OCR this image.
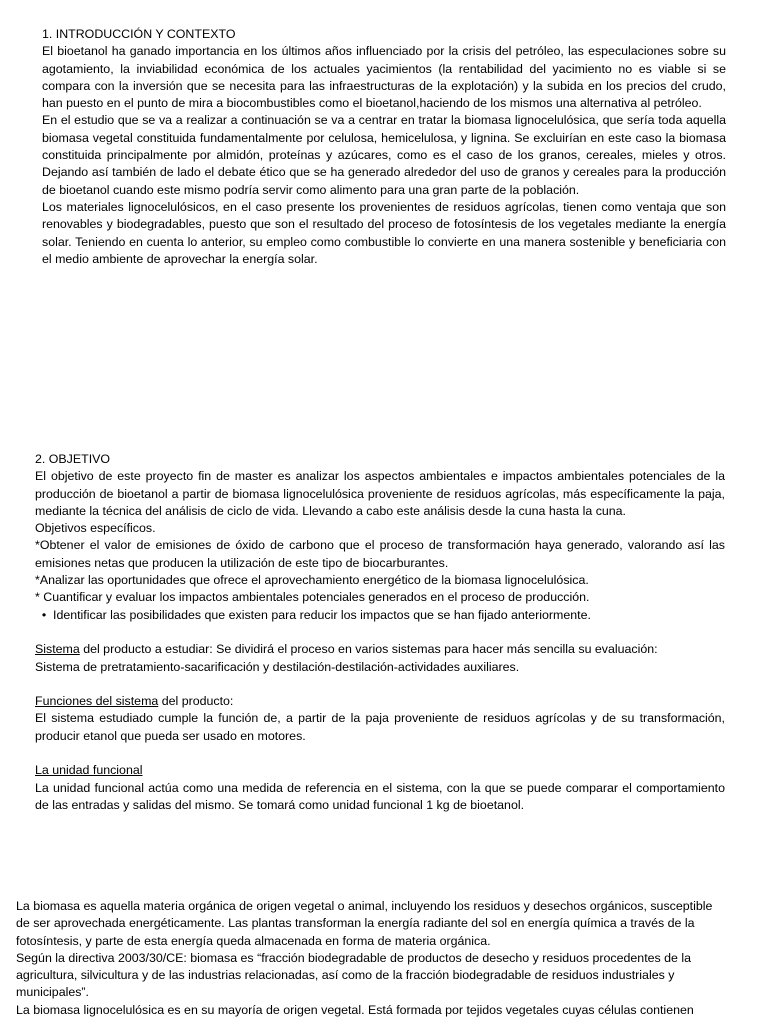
1. INTRODUCCIÓN Y CONTEXTO

El bioetanol ha ganado importancia en los últimos años influenciado por la crisis del petróleo, las especulaciones sobre su agotamiento, la inviabilidad económica de los actuales yacimientos (la rentabilidad del yacimiento no es viable si se compara con la inversión que se necesita para las infraestructuras de la explotación) y la subida en los precios del crudo, han puesto en el punto de mira a biocombustibles como el bioetanol,haciendo de los mismos una alternativa al petróleo.

En el estudio que se va a realizar a continuación se va a centrar en tratar la biomasa lignocelulósica, que sería toda aquella biomasa vegetal constituida fundamentalmente por celulosa, hemicelulosa, y lignina. Se excluirían en este caso la biomasa constituida principalmente por almidón, proteínas y azúcares, como es el caso de los granos, cereales, mieles y otros. Dejando así también de lado el debate ético que se ha generado alrededor del uso de granos y cereales para la producción de bioetanol cuando este mismo podría servir como alimento para una gran parte de la población.

Los materiales lignocelulósicos, en el caso presente los provenientes de residuos agrícolas, tienen como ventaja que son renovables y biodegradables, puesto que son el resultado del proceso de fotosíntesis de los vegetales mediante la energía solar. Teniendo en cuenta lo anterior, su empleo como combustible lo convierte en una manera sostenible y beneficiaria con el medio ambiente de aprovechar la energía solar.

2. OBJETIVO

El objetivo de este proyecto fin de master es analizar los aspectos ambientales e impactos ambientales potenciales de la producción de bioetanol a partir de biomasa lignocelulósica proveniente de residuos agrícolas, más específicamente la paja, mediante la técnica del análisis de ciclo de vida. Llevando a cabo este análisis desde la cuna hasta la cuna.

Objetivos específicos.

*Obtener el valor de emisiones de óxido de carbono que el proceso de transformación haya generado, valorando así las emisiones netas que producen la utilización de este tipo de biocarburantes.

*Analizar las oportunidades que ofrece el aprovechamiento energético de la biomasa lignocelulósica.

* Cuantificar y evaluar los impactos ambientales potenciales generados en el proceso de producción.

• Identificar las posibilidades que existen para reducir los impactos que se han fijado anteriormente.

Sistema del producto a estudiar: Se dividirá el proceso en varios sistemas para hacer más sencilla su evaluación:

Sistema de pretratamiento-sacarificación y destilación-destilación-actividades auxiliares.

Funciones del sistema del producto:

El sistema estudiado cumple la función de, a partir de la paja proveniente de residuos agrícolas y de su transformación, producir etanol que pueda ser usado en motores.

La unidad funcional

La unidad funcional actúa como una medida de referencia en el sistema, con la que se puede comparar el comportamiento de las entradas y salidas del mismo. Se tomará como unidad funcional 1 kg de bioetanol.

La biomasa es aquella materia orgánica de origen vegetal o animal, incluyendo los residuos y desechos orgánicos, susceptible de ser aprovechada energéticamente. Las plantas transforman la energía radiante del sol en energía química a través de la fotosíntesis, y parte de esta energía queda almacenada en forma de materia orgánica.

Según la directiva 2003/30/CE: biomasa es “fracción biodegradable de productos de desecho y residuos procedentes de la agricultura, silvicultura y de las industrias relacionadas, así como de la fracción biodegradable de residuos industriales y municipales”.

La biomasa lignocelulósica es en su mayoría de origen vegetal. Está formada por tejidos vegetales cuyas células contienen
